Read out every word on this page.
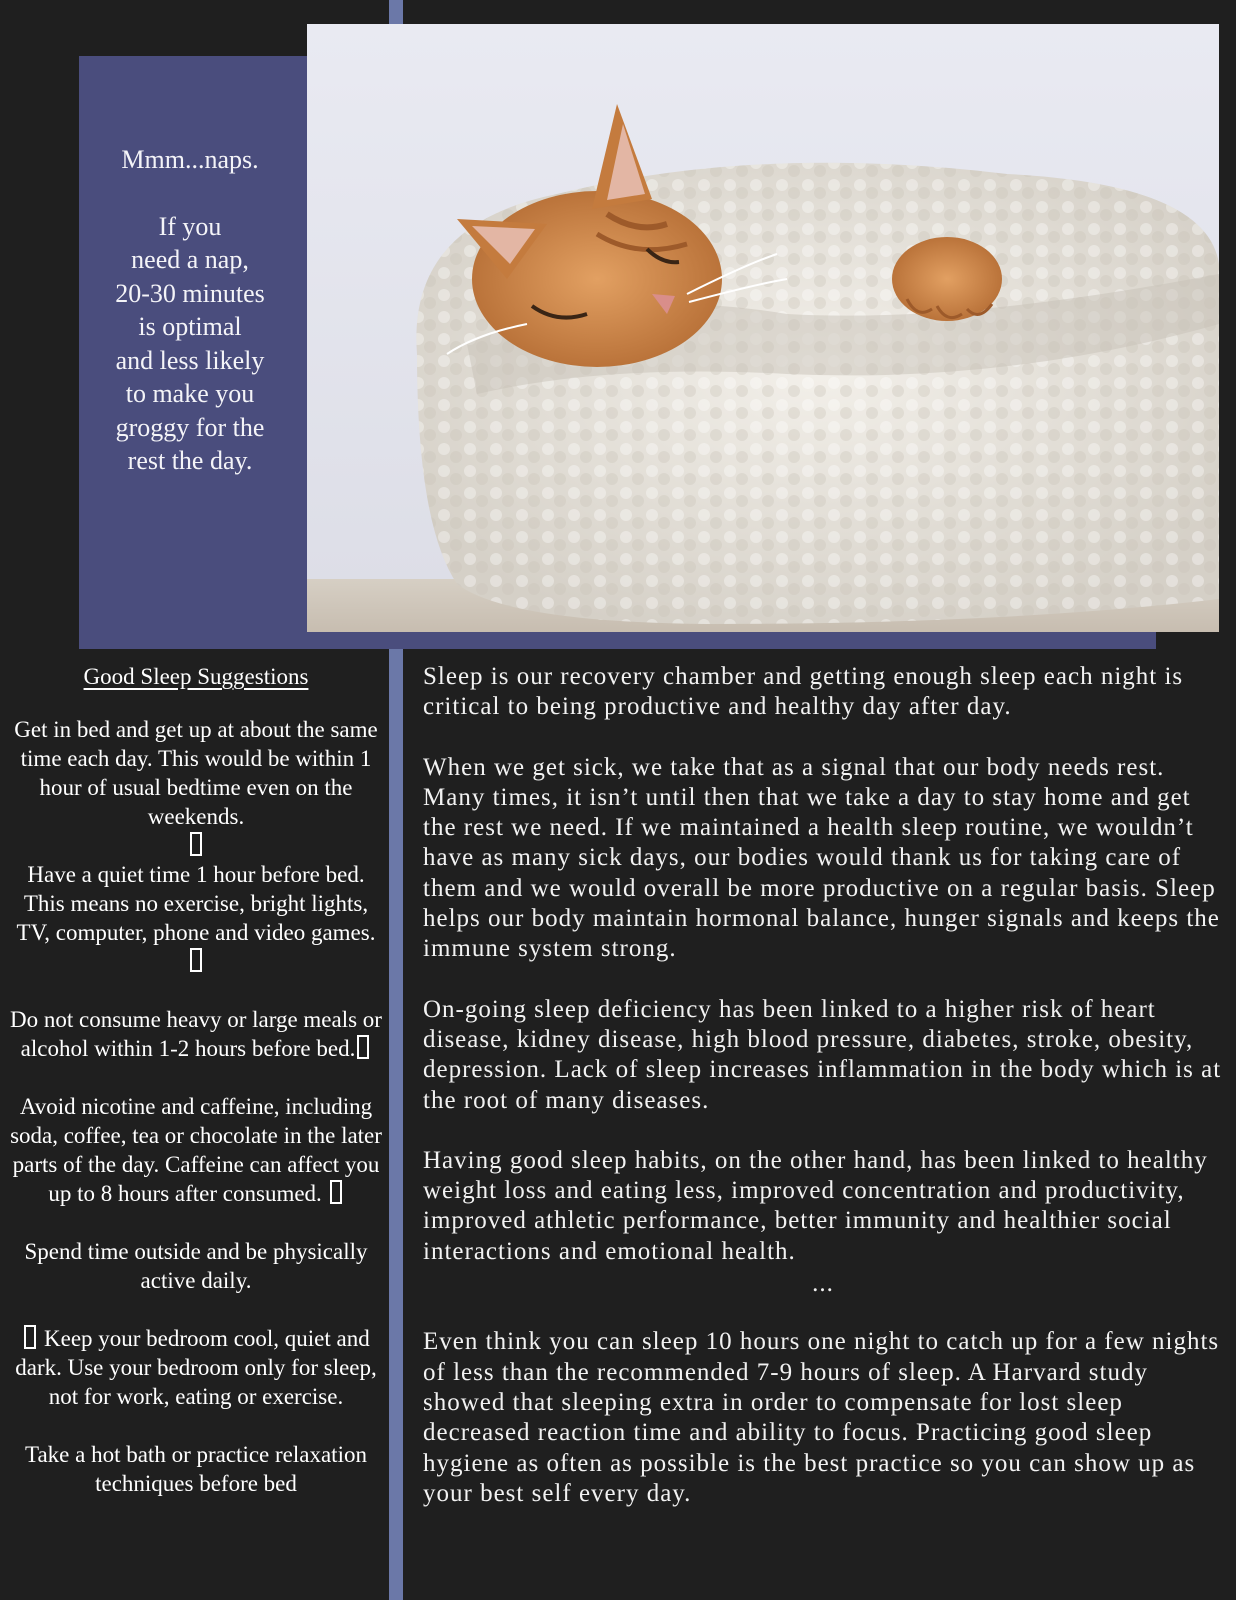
Mmm...naps.

If you

need a nap,

20-30 minutes

is optimal

and less likely

to make you

groggy for the

rest the day.

Good Sleep Suggestions

Get in bed and get up at about the same time each day. This would be within 1 hour of usual bedtime even on the weekends.

Have a quiet time 1 hour before bed. This means no exercise, bright lights, TV, computer, phone and video games.

Do not consume heavy or large meals or alcohol within 1-2 hours before bed.

Avoid nicotine and caffeine, including soda, coffee, tea or chocolate in the later parts of the day. Caffeine can affect you up to 8 hours after consumed.

Spend time outside and be physically active daily.

Keep your bedroom cool, quiet and dark. Use your bedroom only for sleep, not for work, eating or exercise.

Take a hot bath or practice relaxation techniques before bed

Sleep is our recovery chamber and getting enough sleep each night is critical to being productive and healthy day after day.

When we get sick, we take that as a signal that our body needs rest. Many times, it isn’t until then that we take a day to stay home and get the rest we need. If we maintained a health sleep routine, we wouldn’t have as many sick days, our bodies would thank us for taking care of them and we would overall be more productive on a regular basis. Sleep helps our body maintain hormonal balance, hunger signals and keeps the immune system strong.

On-going sleep deficiency has been linked to a higher risk of heart disease, kidney disease, high blood pressure, diabetes, stroke, obesity, depression. Lack of sleep increases inflammation in the body which is at the root of many diseases.

Having good sleep habits, on the other hand, has been linked to healthy weight loss and eating less, improved concentration and productivity, improved athletic performance, better immunity and healthier social interactions and emotional health.

...

Even think you can sleep 10 hours one night to catch up for a few nights of less than the recommended 7-9 hours of sleep. A Harvard study showed that sleeping extra in order to compensate for lost sleep decreased reaction time and ability to focus. Practicing good sleep hygiene as often as possible is the best practice so you can show up as your best self every day.
